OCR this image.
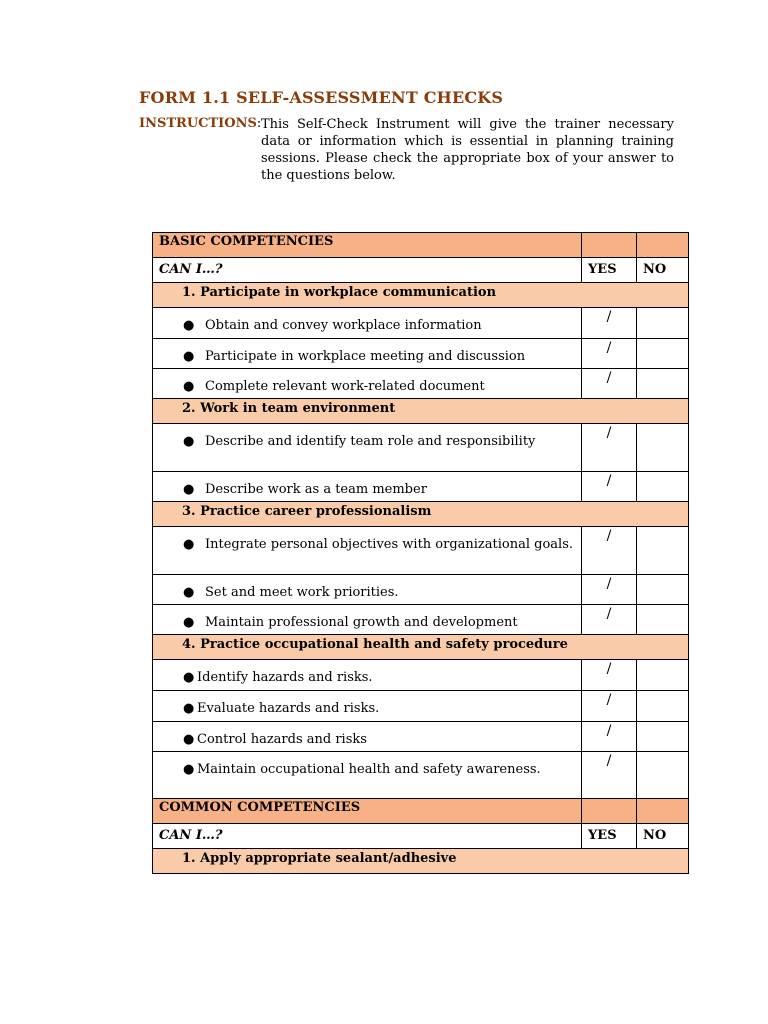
FORM 1.1 SELF-ASSESSMENT CHECKS
INSTRUCTIONS: This Self-Check Instrument will give the trainer necessary data or information which is essential in planning training sessions. Please check the appropriate box of your answer to the questions below.
BASIC COMPETENCIES		

CAN I…?	YES	NO

1. Participate in workplace communication		

● Obtain and convey workplace information	/	

● Participate in workplace meeting and discussion	/	

● Complete relevant work-related document	/	

2. Work in team environment		

● Describe and identify team role and responsibility	/	

● Describe work as a team member	/	

3. Practice career professionalism		

● Integrate personal objectives with organizational goals.	/	

● Set and meet work priorities.	/	

● Maintain professional growth and development	/	

4. Practice occupational health and safety procedure		

● Identify hazards and risks.	/	

● Evaluate hazards and risks.	/	

● Control hazards and risks	/	

● Maintain occupational health and safety awareness.	/	

COMMON COMPETENCIES		

CAN I…?	YES	NO

1. Apply appropriate sealant/adhesive		
